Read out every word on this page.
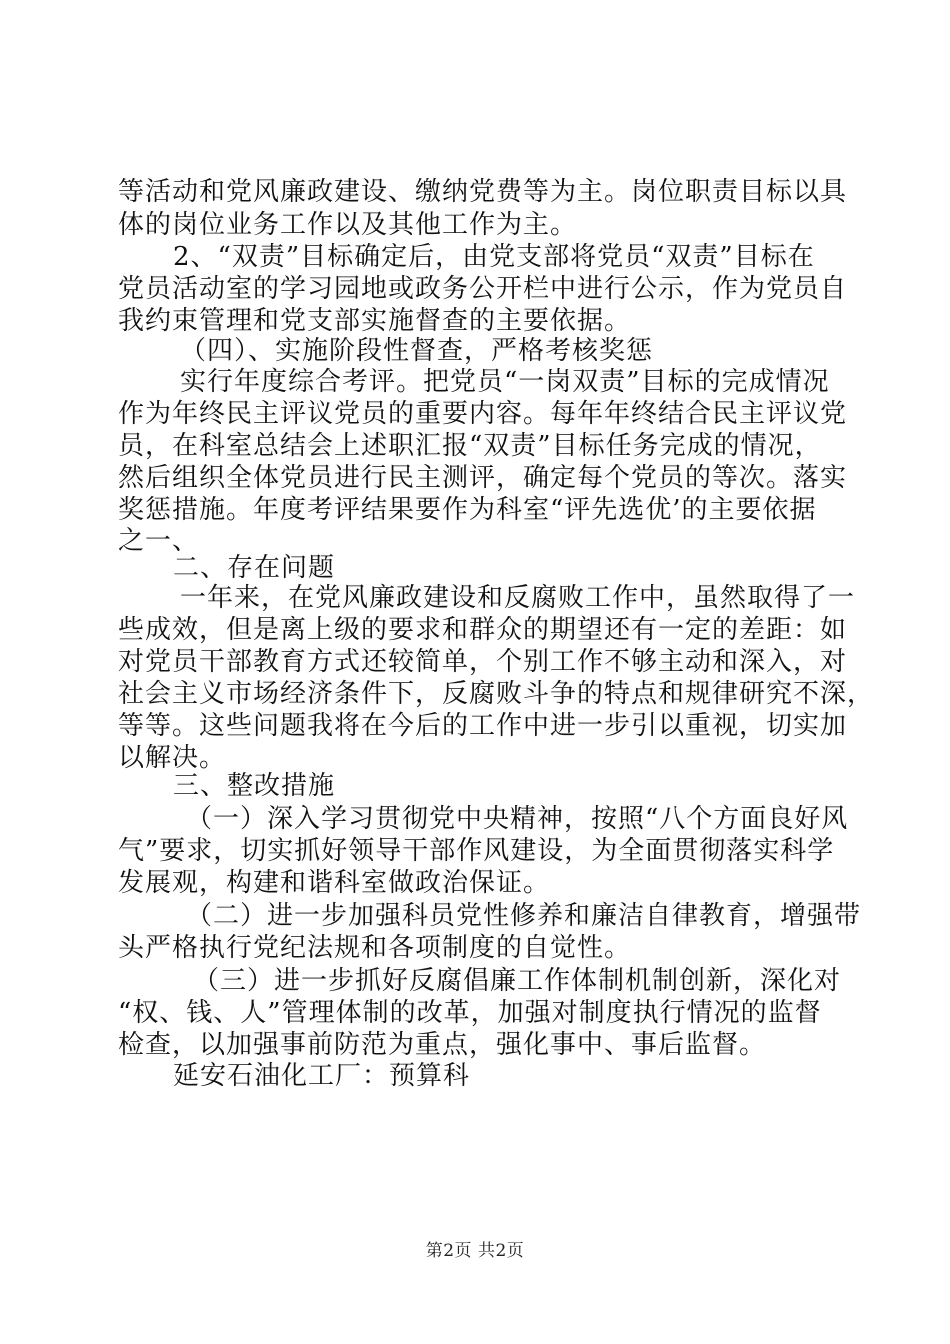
等活动和党风廉政建设、缴纳党费等为主。岗位职责目标以具
体的岗位业务工作以及其他工作为主。
2、“双责”目标确定后，由党支部将党员“双责”目标在
党员活动室的学习园地或政务公开栏中进行公示，作为党员自
我约束管理和党支部实施督查的主要依据。
（四）、实施阶段性督查，严格考核奖惩
实行年度综合考评。把党员“一岗双责”目标的完成情况
作为年终民主评议党员的重要内容。每年年终结合民主评议党
员，在科室总结会上述职汇报“双责”目标任务完成的情况，
然后组织全体党员进行民主测评，确定每个党员的等次。落实
奖惩措施。年度考评结果要作为科室“评先选优’的主要依据
之一、
二、存在问题
一年来，在党风廉政建设和反腐败工作中，虽然取得了一
些成效，但是离上级的要求和群众的期望还有一定的差距：如
对党员干部教育方式还较简单，个别工作不够主动和深入，对
社会主义市场经济条件下，反腐败斗争的特点和规律研究不深，
等等。这些问题我将在今后的工作中进一步引以重视，切实加
以解决。
三、整改措施
（一）深入学习贯彻党中央精神，按照“八个方面良好风
气”要求，切实抓好领导干部作风建设，为全面贯彻落实科学
发展观，构建和谐科室做政治保证。
（二）进一步加强科员党性修养和廉洁自律教育，增强带
头严格执行党纪法规和各项制度的自觉性。
（三）进一步抓好反腐倡廉工作体制机制创新，深化对
“权、钱、人”管理体制的改革，加强对制度执行情况的监督
检查，以加强事前防范为重点，强化事中、事后监督。
延安石油化工厂：预算科
第2页 共2页
